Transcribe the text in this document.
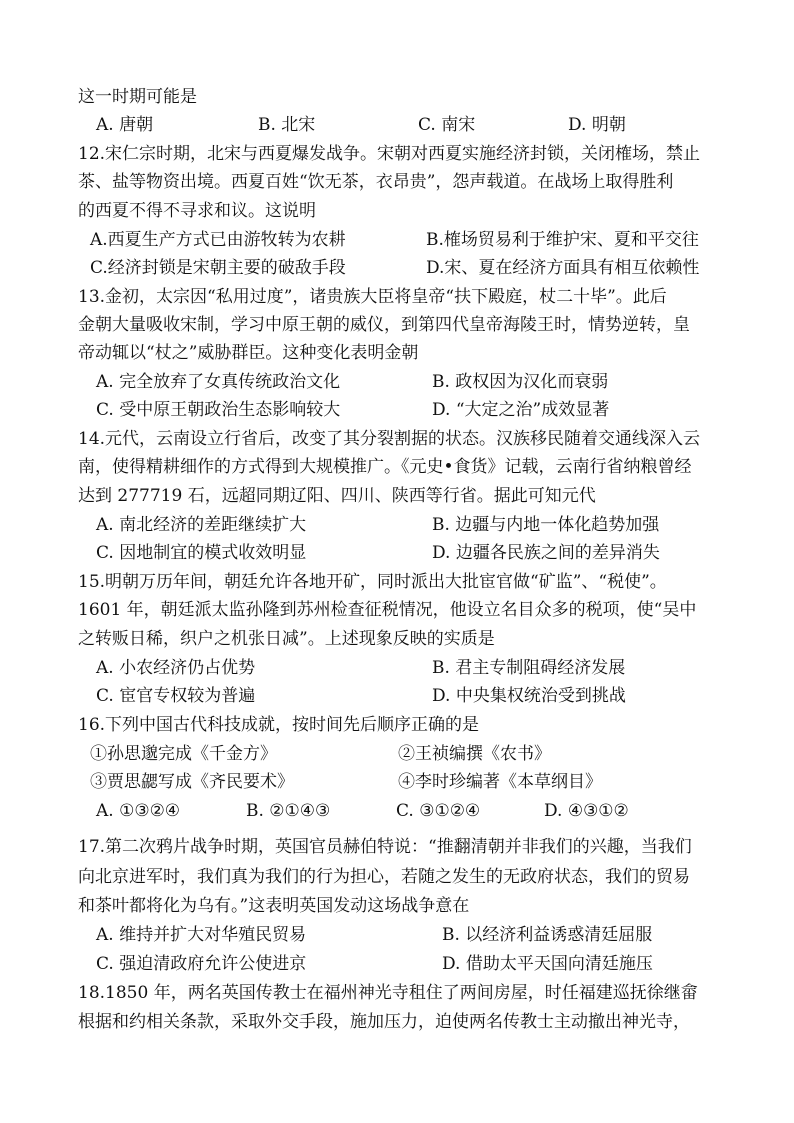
这一时期可能是
A. 唐朝	B. 北宋	C. 南宋	D. 明朝
12.宋仁宗时期，北宋与西夏爆发战争。宋朝对西夏实施经济封锁，关闭榷场，禁止
茶、盐等物资出境。西夏百姓“饮无茶，衣昂贵”，怨声载道。在战场上取得胜利
的西夏不得不寻求和议。这说明
A.西夏生产方式已由游牧转为农耕	B.榷场贸易利于维护宋、夏和平交往
C.经济封锁是宋朝主要的破敌手段	D.宋、夏在经济方面具有相互依赖性
13.金初，太宗因“私用过度”，诸贵族大臣将皇帝“扶下殿庭，杖二十毕”。此后
金朝大量吸收宋制，学习中原王朝的威仪，到第四代皇帝海陵王时，情势逆转，皇
帝动辄以“杖之”威胁群臣。这种变化表明金朝
A. 完全放弃了女真传统政治文化	B. 政权因为汉化而衰弱
C. 受中原王朝政治生态影响较大	D. “大定之治”成效显著
14.元代，云南设立行省后，改变了其分裂割据的状态。汉族移民随着交通线深入云
南，使得精耕细作的方式得到大规模推广。《元史•食货》记载，云南行省纳粮曾经
达到 277719 石，远超同期辽阳、四川、陕西等行省。据此可知元代
A. 南北经济的差距继续扩大	B. 边疆与内地一体化趋势加强
C. 因地制宜的模式收效明显	D. 边疆各民族之间的差异消失
15.明朝万历年间，朝廷允许各地开矿，同时派出大批宦官做“矿监”、“税使”。
1601 年，朝廷派太监孙隆到苏州检查征税情况，他设立名目众多的税项，使“吴中
之转贩日稀，织户之机张日减”。上述现象反映的实质是
A. 小农经济仍占优势	B. 君主专制阻碍经济发展
C. 宦官专权较为普遍	D. 中央集权统治受到挑战
16.下列中国古代科技成就，按时间先后顺序正确的是
①孙思邈完成《千金方》	②王祯编撰《农书》
③贾思勰写成《齐民要术》	④李时珍编著《本草纲目》
A. ①③②④	B. ②①④③	C. ③①②④	D. ④③①②
17.第二次鸦片战争时期，英国官员赫伯特说：“推翻清朝并非我们的兴趣，当我们
向北京进军时，我们真为我们的行为担心，若随之发生的无政府状态，我们的贸易
和茶叶都将化为乌有。”这表明英国发动这场战争意在
A. 维持并扩大对华殖民贸易	B. 以经济利益诱惑清廷屈服
C. 强迫清政府允许公使进京	D. 借助太平天国向清廷施压
18.1850 年，两名英国传教士在福州神光寺租住了两间房屋，时任福建巡抚徐继畲
根据和约相关条款，采取外交手段，施加压力，迫使两名传教士主动撤出神光寺，
